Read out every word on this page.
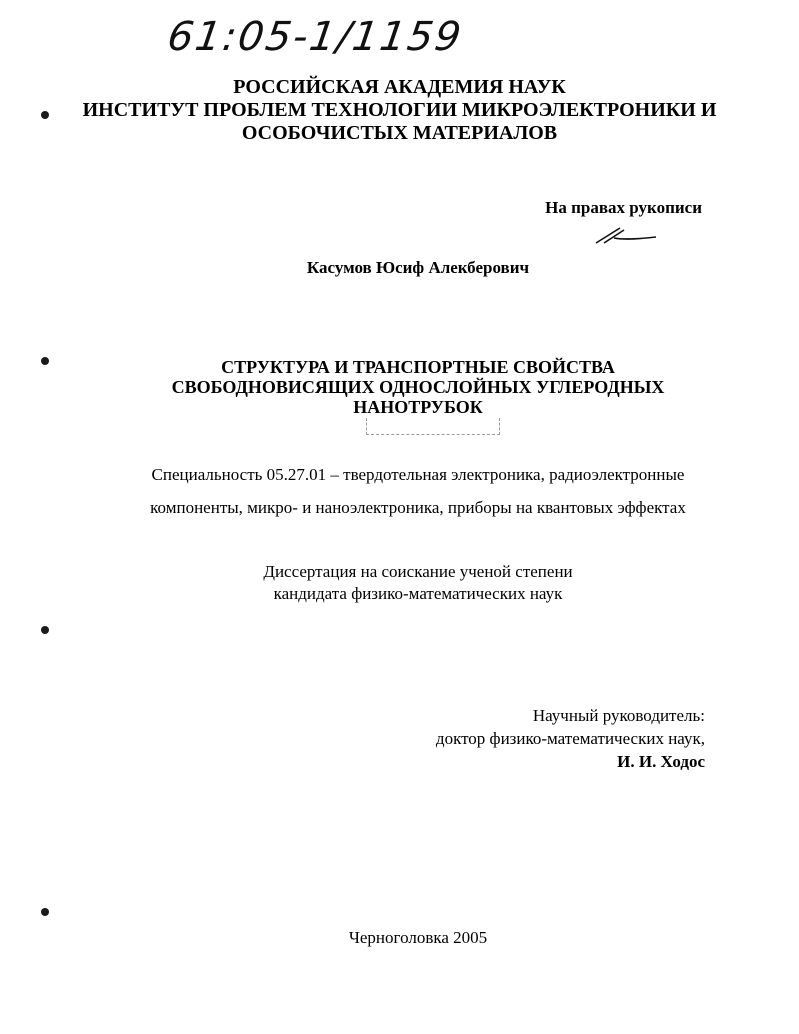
61:05-1/1159
РОССИЙСКАЯ АКАДЕМИЯ НАУК
ИНСТИТУТ ПРОБЛЕМ ТЕХНОЛОГИИ МИКРОЭЛЕКТРОНИКИ И
ОСОБОЧИСТЫХ МАТЕРИАЛОВ
На правах рукописи
Касумов Юсиф Алекберович
СТРУКТУРА И ТРАНСПОРТНЫЕ СВОЙСТВА
СВОБОДНОВИСЯЩИХ ОДНОСЛОЙНЫХ УГЛЕРОДНЫХ
НАНОТРУБОК
Специальность 05.27.01 – твердотельная электроника, радиоэлектронные
компоненты, микро- и наноэлектроника, приборы на квантовых эффектах
Диссертация на соискание ученой степени
кандидата физико-математических наук
Научный руководитель:
доктор физико-математических наук,
И. И. Ходос
Черноголовка 2005
